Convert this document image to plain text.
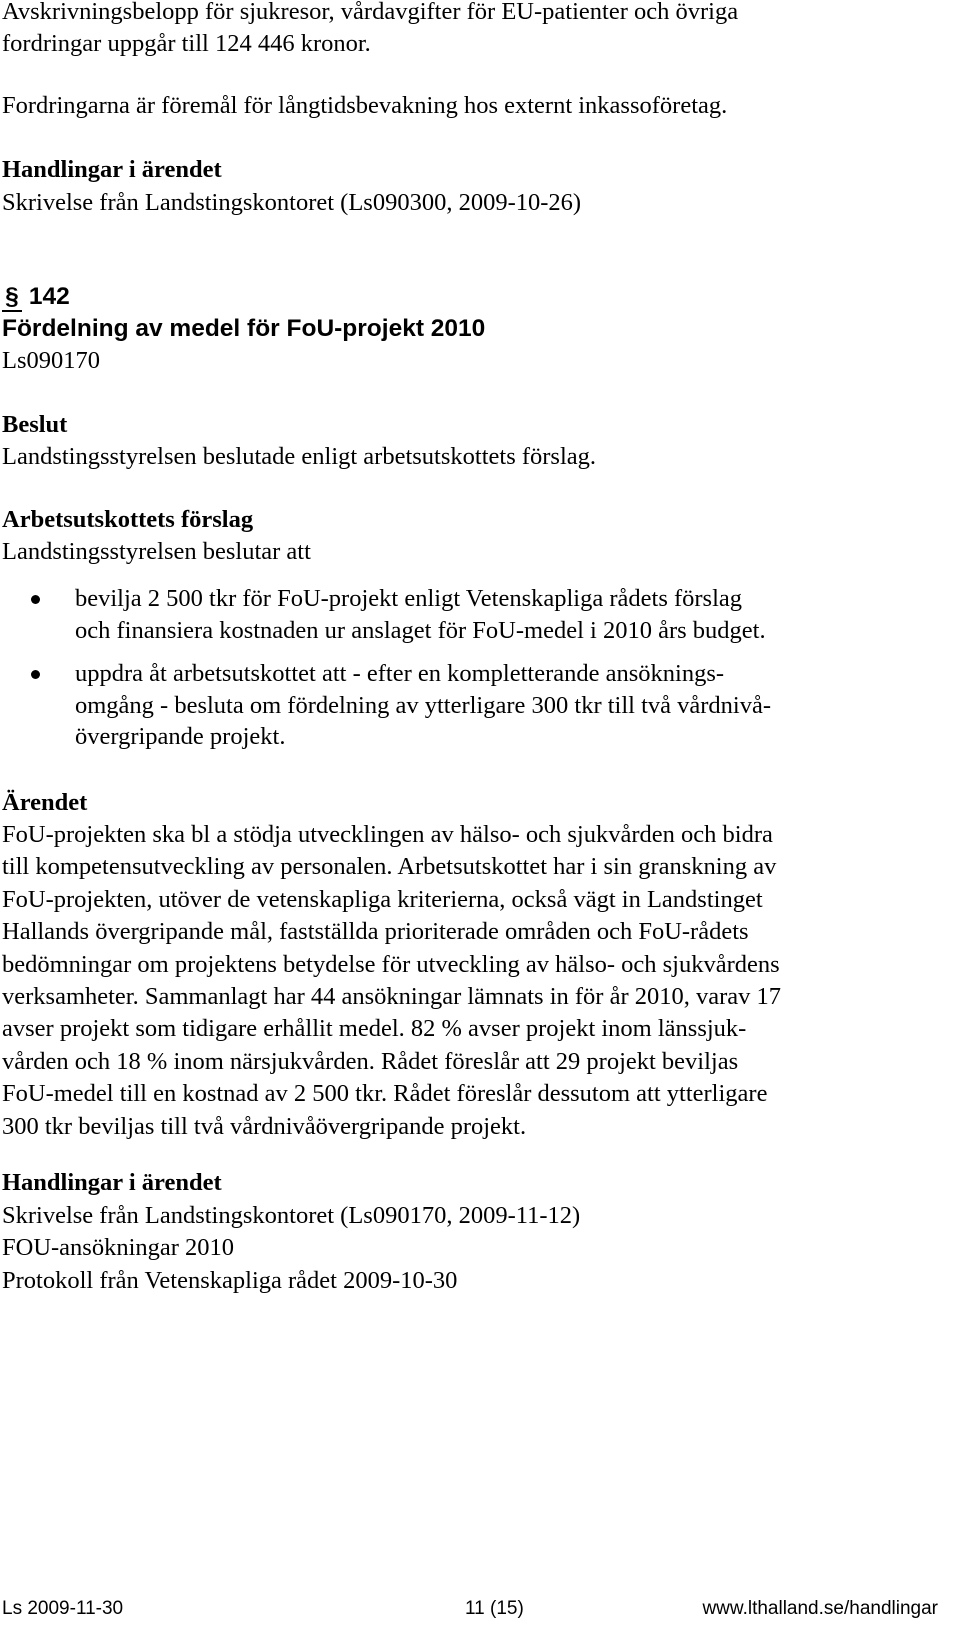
Avskrivningsbelopp för sjukresor, vårdavgifter för EU-patienter och övriga
fordringar uppgår till 124 446 kronor.
Fordringarna är föremål för långtidsbevakning hos externt inkassoföretag.
Handlingar i ärendet
Skrivelse från Landstingskontoret (Ls090300, 2009-10-26)
§ 142
Fördelning av medel för FoU-projekt 2010
Ls090170
Beslut
Landstingsstyrelsen beslutade enligt arbetsutskottets förslag.
Arbetsutskottets förslag
Landstingsstyrelsen beslutar att
bevilja 2 500 tkr för FoU-projekt enligt Vetenskapliga rådets förslag
och finansiera kostnaden ur anslaget för FoU-medel i 2010 års budget.
uppdra åt arbetsutskottet att - efter en kompletterande ansöknings-
omgång - besluta om fördelning av ytterligare 300 tkr till två vårdnivå-
övergripande projekt.
Ärendet
FoU-projekten ska bl a stödja utvecklingen av hälso- och sjukvården och bidra
till kompetensutveckling av personalen. Arbetsutskottet har i sin granskning av
FoU-projekten, utöver de vetenskapliga kriterierna, också vägt in Landstinget
Hallands övergripande mål, fastställda prioriterade områden och FoU-rådets
bedömningar om projektens betydelse för utveckling av hälso- och sjukvårdens
verksamheter. Sammanlagt har 44 ansökningar lämnats in för år 2010, varav 17
avser projekt som tidigare erhållit medel. 82 % avser projekt inom länssjuk-
vården och 18 % inom närsjukvården. Rådet föreslår att 29 projekt beviljas
FoU-medel till en kostnad av 2 500 tkr. Rådet föreslår dessutom att ytterligare
300 tkr beviljas till två vårdnivåövergripande projekt.
Handlingar i ärendet
Skrivelse från Landstingskontoret (Ls090170, 2009-11-12)
FOU-ansökningar 2010
Protokoll från Vetenskapliga rådet 2009-10-30
Ls 2009-11-30	11 (15)	www.lthalland.se/handlingar
